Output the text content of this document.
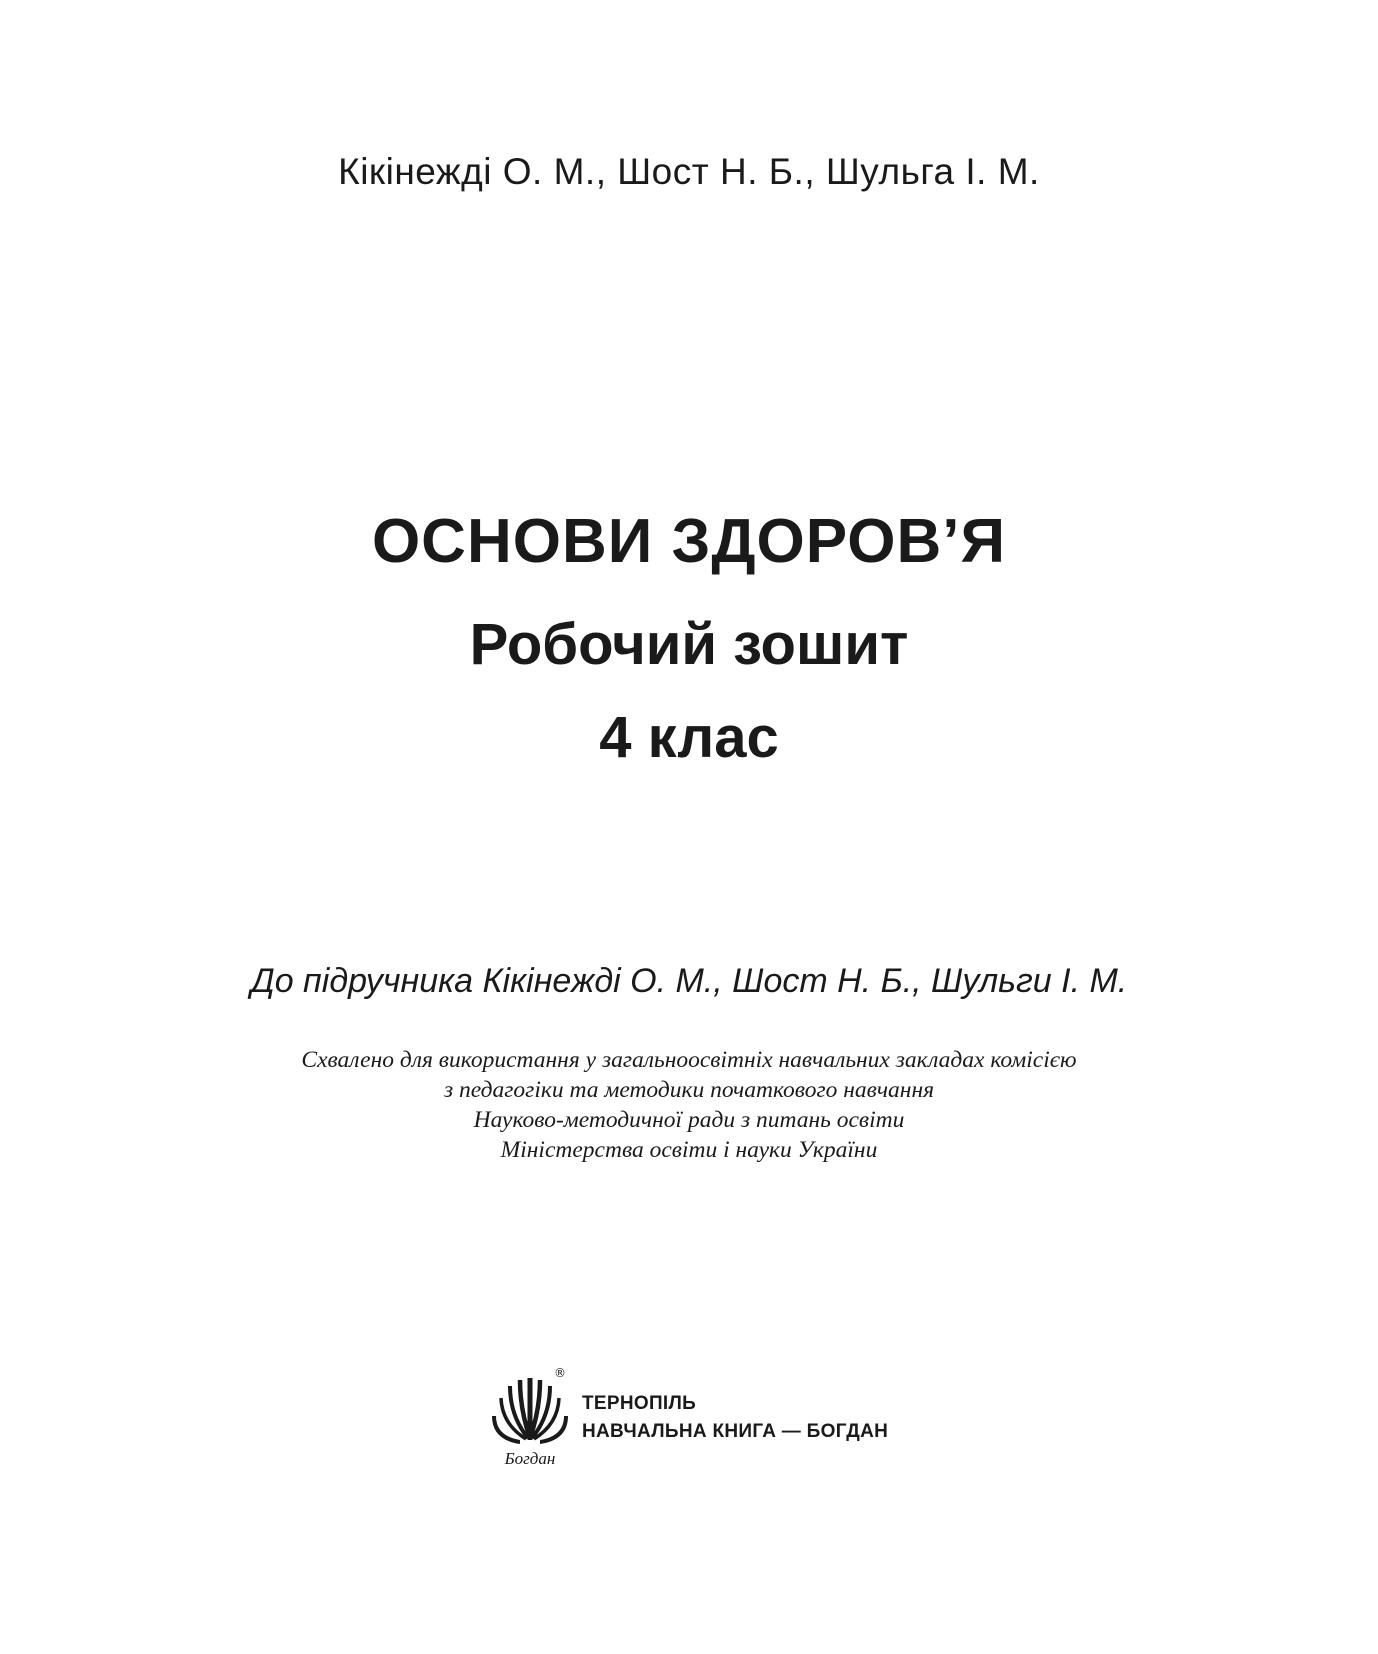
Кікінежді О. М., Шост Н. Б., Шульга І. М.
ОСНОВИ ЗДОРОВ’Я
Робочий зошит
4 клас
До підручника Кікінежді О. М., Шост Н. Б., Шульги І. М.
Схвалено для використання у загальноосвітніх навчальних закладах комісією
з педагогіки та методики початкового навчання
Науково-методичної ради з питань освіти
Міністерства освіти і науки України
Богдан
®
ТЕРНОПІЛЬ
НАВЧАЛЬНА КНИГА — БОГДАН
